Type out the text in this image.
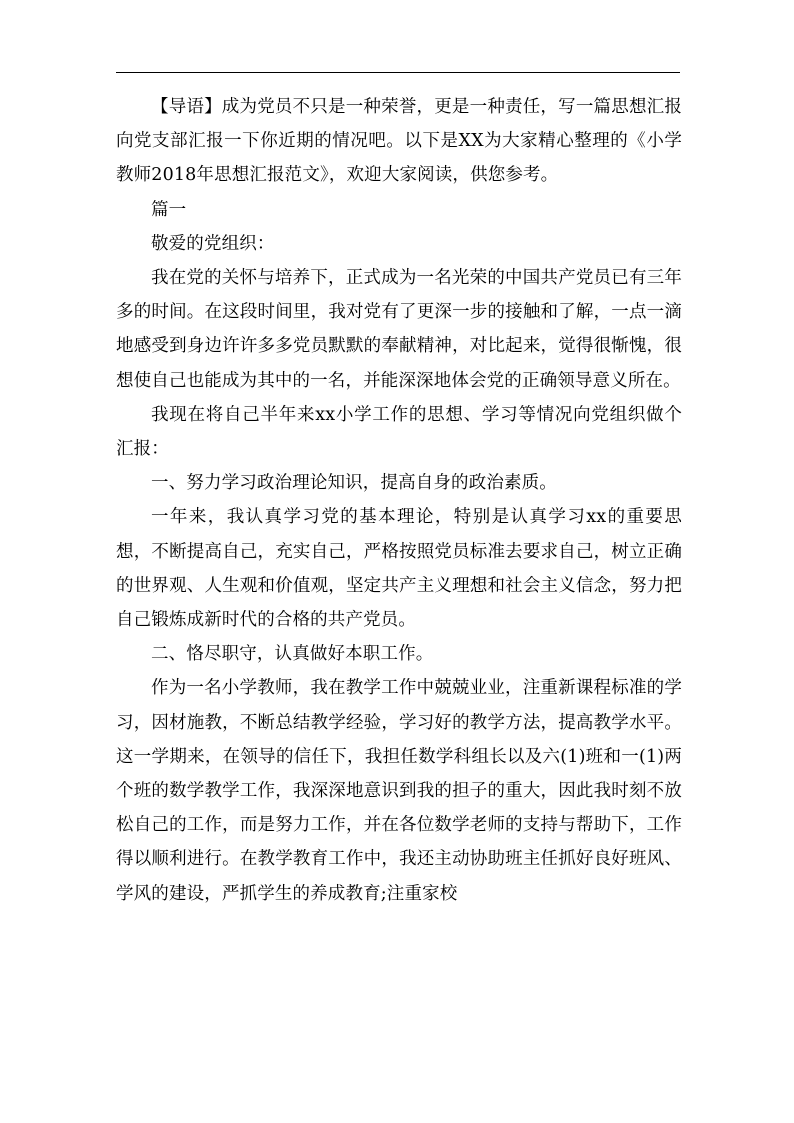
【导语】成为党员不只是一种荣誉，更是一种责任，写一篇思想汇报向党支部汇报一下你近期的情况吧。以下是XX为大家精心整理的《小学教师2018年思想汇报范文》，欢迎大家阅读，供您参考。

篇一

敬爱的党组织：

我在党的关怀与培养下，正式成为一名光荣的中国共产党员已有三年多的时间。在这段时间里，我对党有了更深一步的接触和了解，一点一滴地感受到身边许许多多党员默默的奉献精神，对比起来，觉得很惭愧，很想使自己也能成为其中的一名，并能深深地体会党的正确领导意义所在。

我现在将自己半年来xx小学工作的思想、学习等情况向党组织做个汇报：

一、努力学习政治理论知识，提高自身的政治素质。

一年来，我认真学习党的基本理论，特别是认真学习xx的重要思想，不断提高自己，充实自己，严格按照党员标准去要求自己，树立正确的世界观、人生观和价值观，坚定共产主义理想和社会主义信念，努力把自己锻炼成新时代的合格的共产党员。

二、恪尽职守，认真做好本职工作。

作为一名小学教师，我在教学工作中兢兢业业，注重新课程标准的学习，因材施教，不断总结教学经验，学习好的教学方法，提高教学水平。这一学期来，在领导的信任下，我担任数学科组长以及六(1)班和一(1)两个班的数学教学工作，我深深地意识到我的担子的重大，因此我时刻不放松自己的工作，而是努力工作，并在各位数学老师的支持与帮助下，工作得以顺利进行。在教学教育工作中，我还主动协助班主任抓好良好班风、学风的建设，严抓学生的养成教育;注重家校
